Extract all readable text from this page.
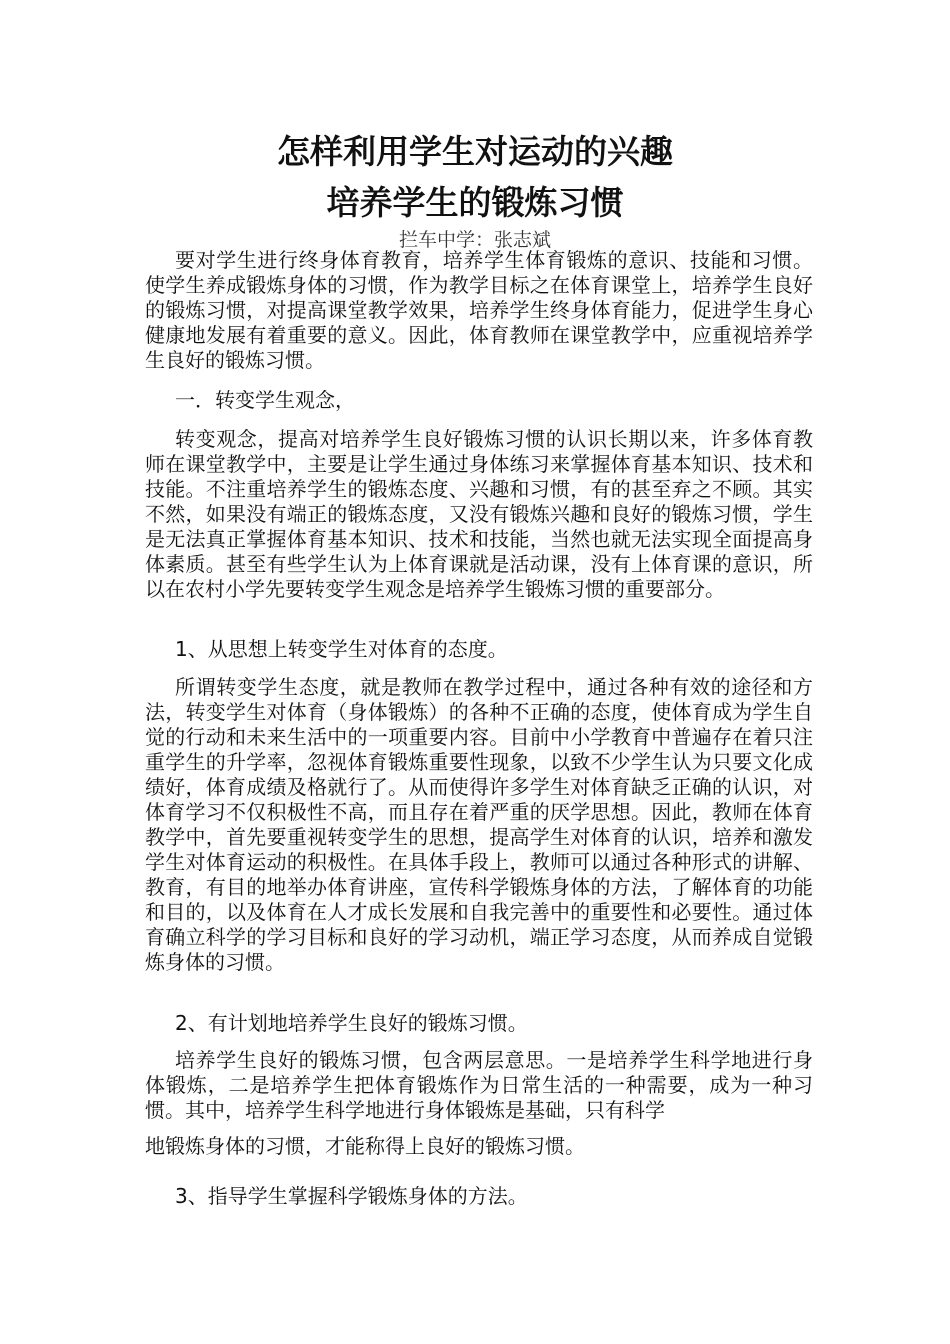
怎样利用学生对运动的兴趣
培养学生的锻炼习惯
拦车中学：张志斌

要对学生进行终身体育教育，培养学生体育锻炼的意识、技能和习惯。使学生养成锻炼身体的习惯，作为教学目标之在体育课堂上，培养学生良好的锻炼习惯，对提高课堂教学效果，培养学生终身体育能力，促进学生身心健康地发展有着重要的意义。因此，体育教师在课堂教学中，应重视培养学生良好的锻炼习惯。

一．转变学生观念，

转变观念，提高对培养学生良好锻炼习惯的认识长期以来，许多体育教师在课堂教学中，主要是让学生通过身体练习来掌握体育基本知识、技术和技能。不注重培养学生的锻炼态度、兴趣和习惯，有的甚至弃之不顾。其实不然，如果没有端正的锻炼态度，又没有锻炼兴趣和良好的锻炼习惯，学生是无法真正掌握体育基本知识、技术和技能，当然也就无法实现全面提高身体素质。甚至有些学生认为上体育课就是活动课，没有上体育课的意识，所以在农村小学先要转变学生观念是培养学生锻炼习惯的重要部分。

1、从思想上转变学生对体育的态度。

所谓转变学生态度，就是教师在教学过程中，通过各种有效的途径和方法，转变学生对体育（身体锻炼）的各种不正确的态度，使体育成为学生自觉的行动和未来生活中的一项重要内容。目前中小学教育中普遍存在着只注重学生的升学率，忽视体育锻炼重要性现象，以致不少学生认为只要文化成绩好，体育成绩及格就行了。从而使得许多学生对体育缺乏正确的认识，对体育学习不仅积极性不高，而且存在着严重的厌学思想。因此，教师在体育教学中，首先要重视转变学生的思想，提高学生对体育的认识，培养和激发学生对体育运动的积极性。在具体手段上，教师可以通过各种形式的讲解、教育，有目的地举办体育讲座，宣传科学锻炼身体的方法，了解体育的功能和目的，以及体育在人才成长发展和自我完善中的重要性和必要性。通过体育确立科学的学习目标和良好的学习动机，端正学习态度，从而养成自觉锻炼身体的习惯。

2、有计划地培养学生良好的锻炼习惯。

培养学生良好的锻炼习惯，包含两层意思。一是培养学生科学地进行身体锻炼，二是培养学生把体育锻炼作为日常生活的一种需要，成为一种习惯。其中，培养学生科学地进行身体锻炼是基础，只有科学

地锻炼身体的习惯，才能称得上良好的锻炼习惯。

3、指导学生掌握科学锻炼身体的方法。
